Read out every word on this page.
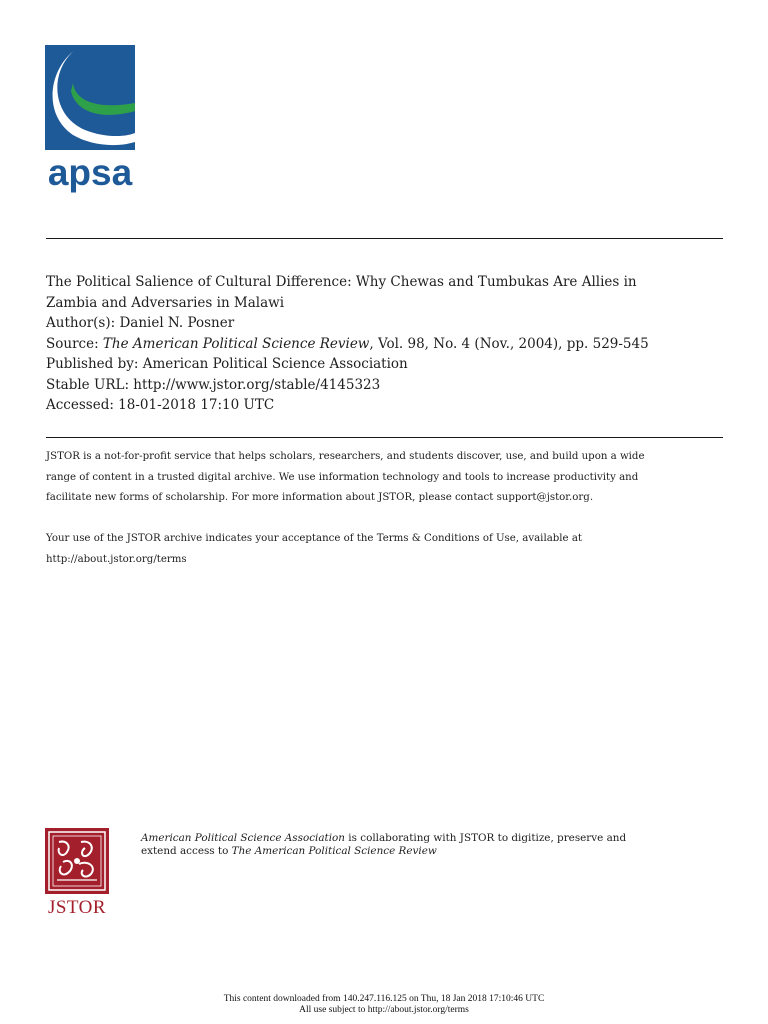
apsa
The Political Salience of Cultural Difference: Why Chewas and Tumbukas Are Allies in
Zambia and Adversaries in Malawi
Author(s): Daniel N. Posner
Source: The American Political Science Review, Vol. 98, No. 4 (Nov., 2004), pp. 529-545
Published by: American Political Science Association
Stable URL: http://www.jstor.org/stable/4145323
Accessed: 18-01-2018 17:10 UTC

JSTOR is a not-for-profit service that helps scholars, researchers, and students discover, use, and build upon a wide

range of content in a trusted digital archive. We use information technology and tools to increase productivity and

facilitate new forms of scholarship. For more information about JSTOR, please contact support@jstor.org.

Your use of the JSTOR archive indicates your acceptance of the Terms & Conditions of Use, available at

http://about.jstor.org/terms

JSTOR
American Political Science Association is collaborating with JSTOR to digitize, preserve and
extend access to The American Political Science Review
This content downloaded from 140.247.116.125 on Thu, 18 Jan 2018 17:10:46 UTC
All use subject to http://about.jstor.org/terms
